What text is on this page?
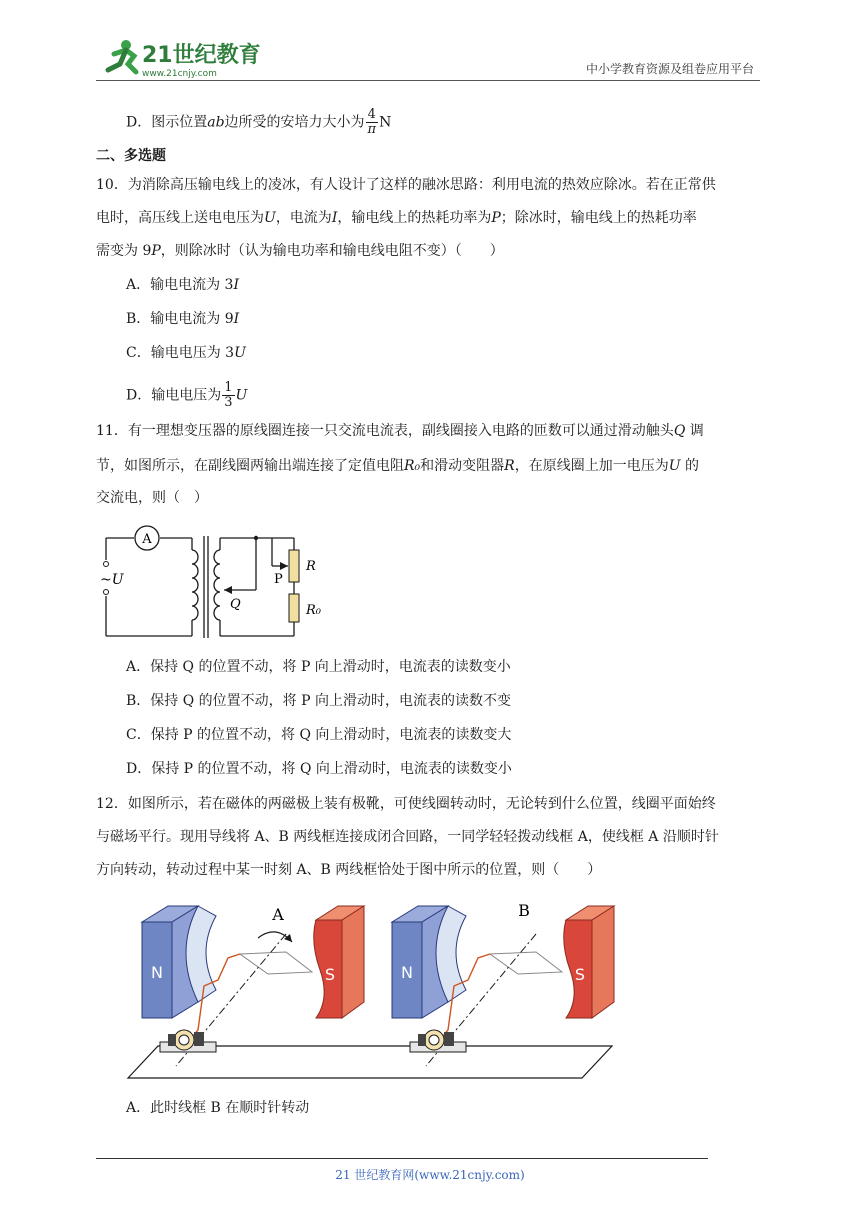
21世纪教育
www.21cnjy.com	中小学教育资源及组卷应用平台
D．图示位置ab边所受的安培力大小为 $\frac{4}{\pi}$ N
二、多选题
10．为消除高压输电线上的凌冰，有人设计了这样的融冰思路：利用电流的热效应除冰。若在正常供
电时，高压线上送电电压为U，电流为I，输电线上的热耗功率为P；除冰时，输电线上的热耗功率
需变为 9P，则除冰时（认为输电功率和输电线电阻不变）（　　）
A．输电电流为 3I
B．输电电流为 9I
C．输电电压为 3U
D．输电电压为 $\frac{1}{3}$ U
11．有一理想变压器的原线圈连接一只交流电流表，副线圈接入电路的匝数可以通过滑动触头Q 调
节，如图所示，在副线圈两输出端连接了定值电阻R₀和滑动变阻器R，在原线圈上加一电压为U 的
交流电，则（　）
A
~U	P
R
R₀
Q
A．保持 Q 的位置不动，将 P 向上滑动时，电流表的读数变小
B．保持 Q 的位置不动，将 P 向上滑动时，电流表的读数不变
C．保持 P 的位置不动，将 Q 向上滑动时，电流表的读数变大
D．保持 P 的位置不动，将 Q 向上滑动时，电流表的读数变小
12．如图所示，若在磁体的两磁极上装有极靴，可使线圈转动时，无论转到什么位置，线圈平面始终
与磁场平行。现用导线将 A、B 两线框连接成闭合回路，一同学轻轻拨动线框 A，使线框 A 沿顺时针
方向转动，转动过程中某一时刻 A、B 两线框恰处于图中所示的位置，则（　　）
N	S
A
N	S
B
A．此时线框 B 在顺时针转动
21 世纪教育网(www.21cnjy.com)
